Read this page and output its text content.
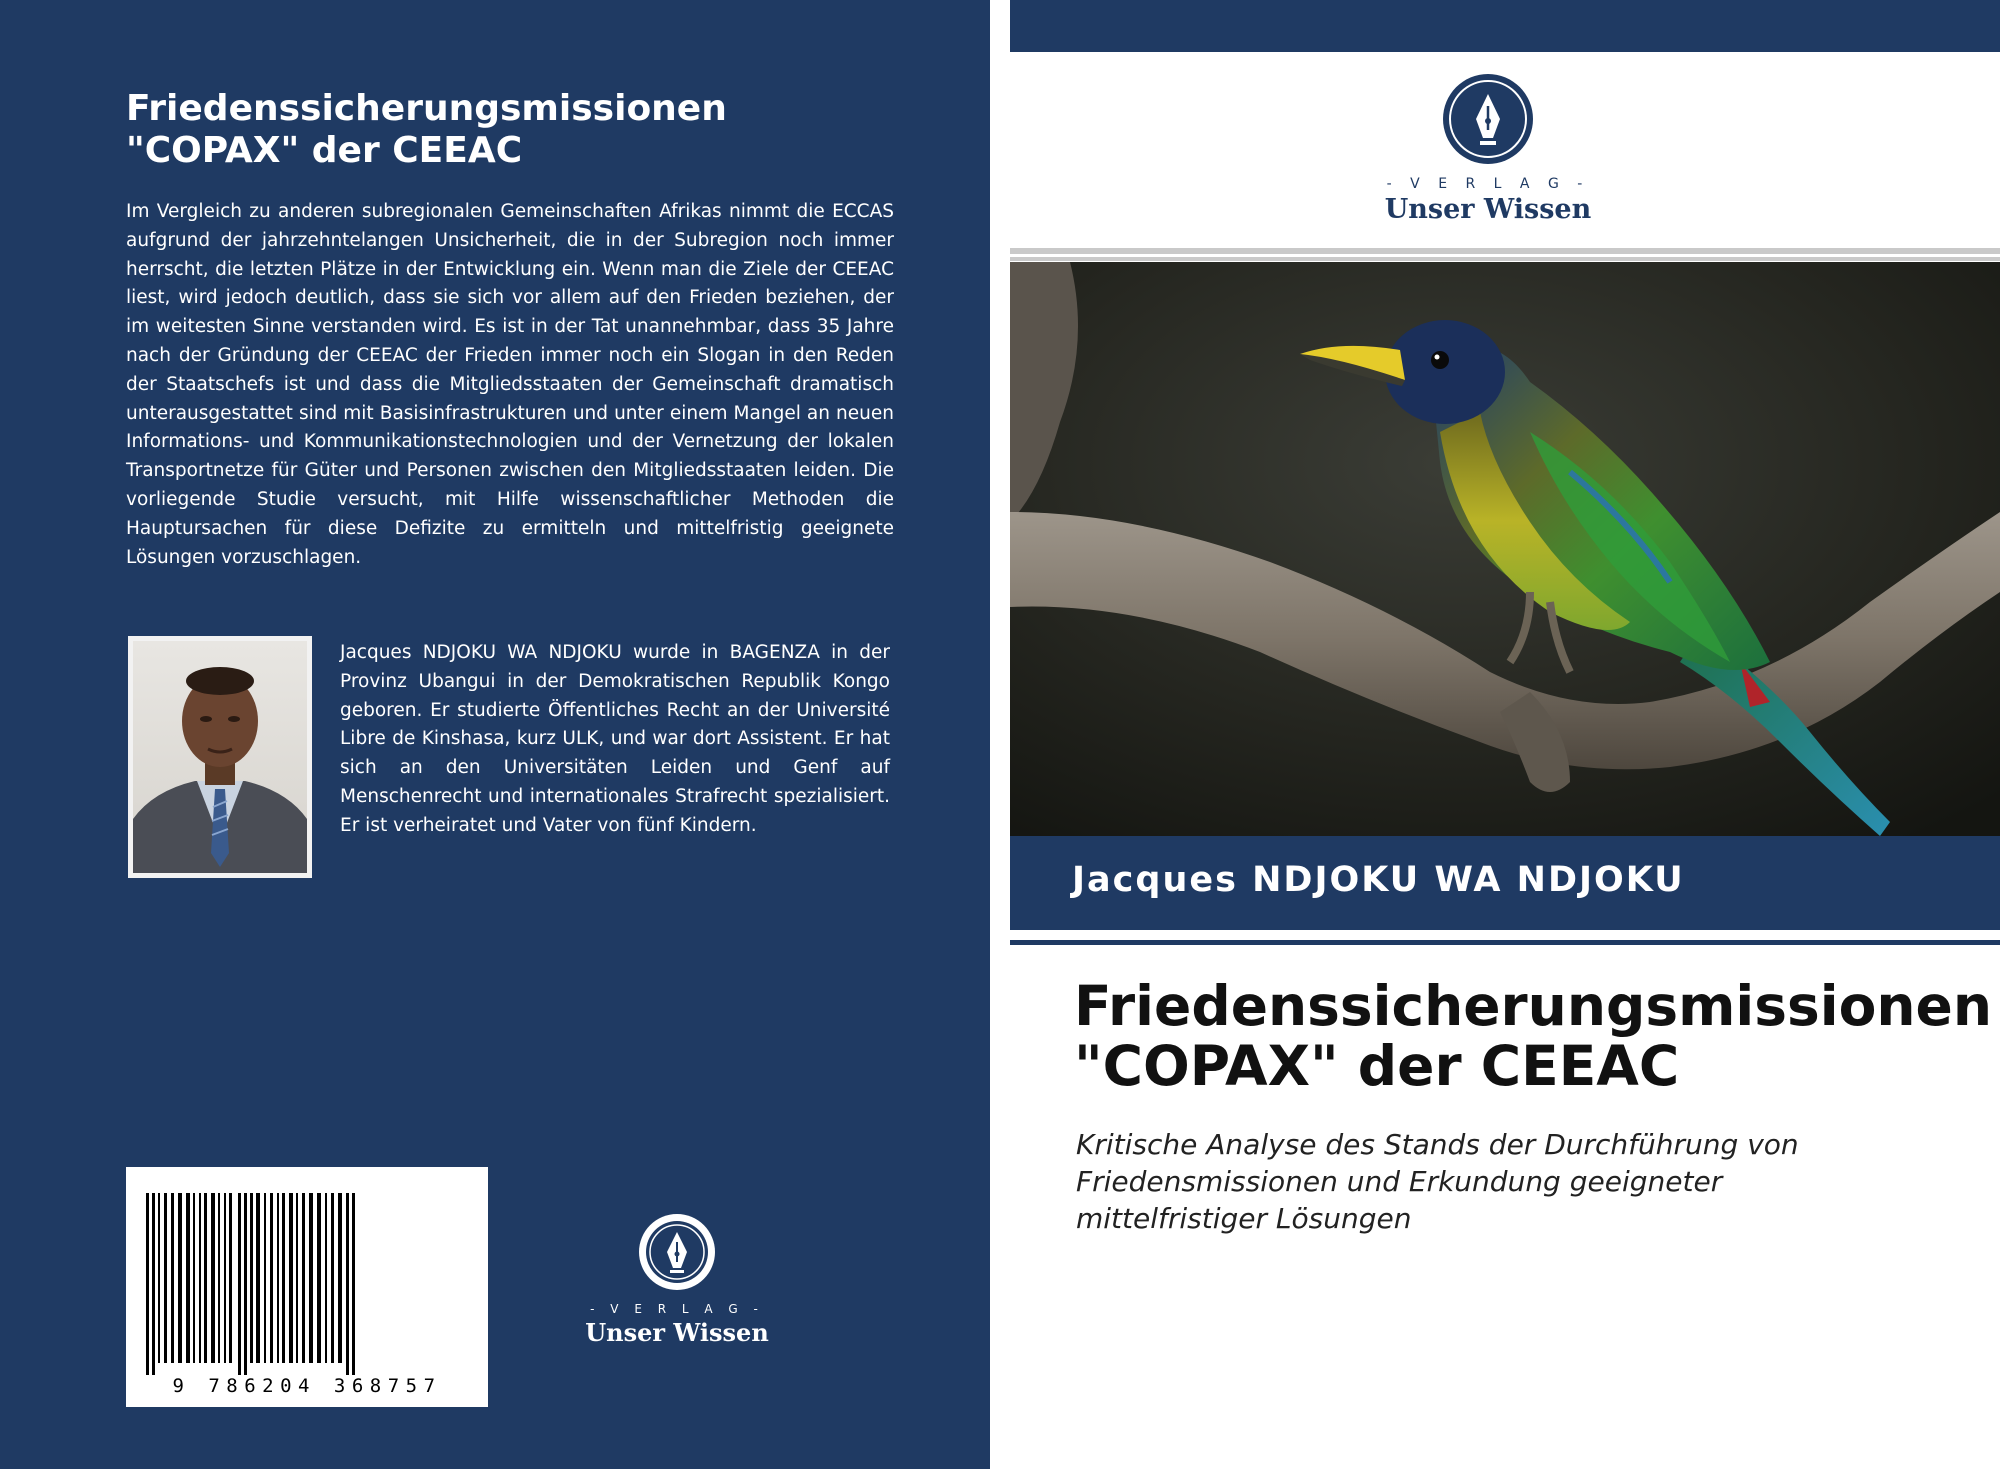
Friedenssicherungsmissionen
"COPAX" der CEEAC

Im Vergleich zu anderen subregionalen Gemeinschaften Afrikas nimmt die ECCAS aufgrund der jahrzehntelangen Unsicherheit, die in der Subregion noch immer herrscht, die letzten Plätze in der Entwicklung ein. Wenn man die Ziele der CEEAC liest, wird jedoch deutlich, dass sie sich vor allem auf den Frieden beziehen, der im weitesten Sinne verstanden wird. Es ist in der Tat unannehmbar, dass 35 Jahre nach der Gründung der CEEAC der Frieden immer noch ein Slogan in den Reden der Staatschefs ist und dass die Mitgliedsstaaten der Gemeinschaft dramatisch unterausgestattet sind mit Basisinfrastrukturen und unter einem Mangel an neuen Informations- und Kommunikationstechnologien und der Vernetzung der lokalen Transportnetze für Güter und Personen zwischen den Mitgliedsstaaten leiden. Die vorliegende Studie versucht, mit Hilfe wissenschaftlicher Methoden die Hauptursachen für diese Defizite zu ermitteln und mittelfristig geeignete Lösungen vorzuschlagen.

Jacques NDJOKU WA NDJOKU wurde in BAGENZA in der Provinz Ubangui in der Demokratischen Republik Kongo geboren. Er studierte Öffentliches Recht an der Université Libre de Kinshasa, kurz ULK, und war dort Assistent. Er hat sich an den Universitäten Leiden und Genf auf Menschenrecht und internationales Strafrecht spezialisiert. Er ist verheiratet und Vater von fünf Kindern.

9 786204 368757
- V E R L A G -
Unser Wissen
- V E R L A G -
Unser Wissen
Jacques NDJOKU WA NDJOKU
Friedenssicherungsmissionen
"COPAX" der CEEAC
Kritische Analyse des Stands der Durchführung von
Friedensmissionen und Erkundung geeigneter
mittelfristiger Lösungen
